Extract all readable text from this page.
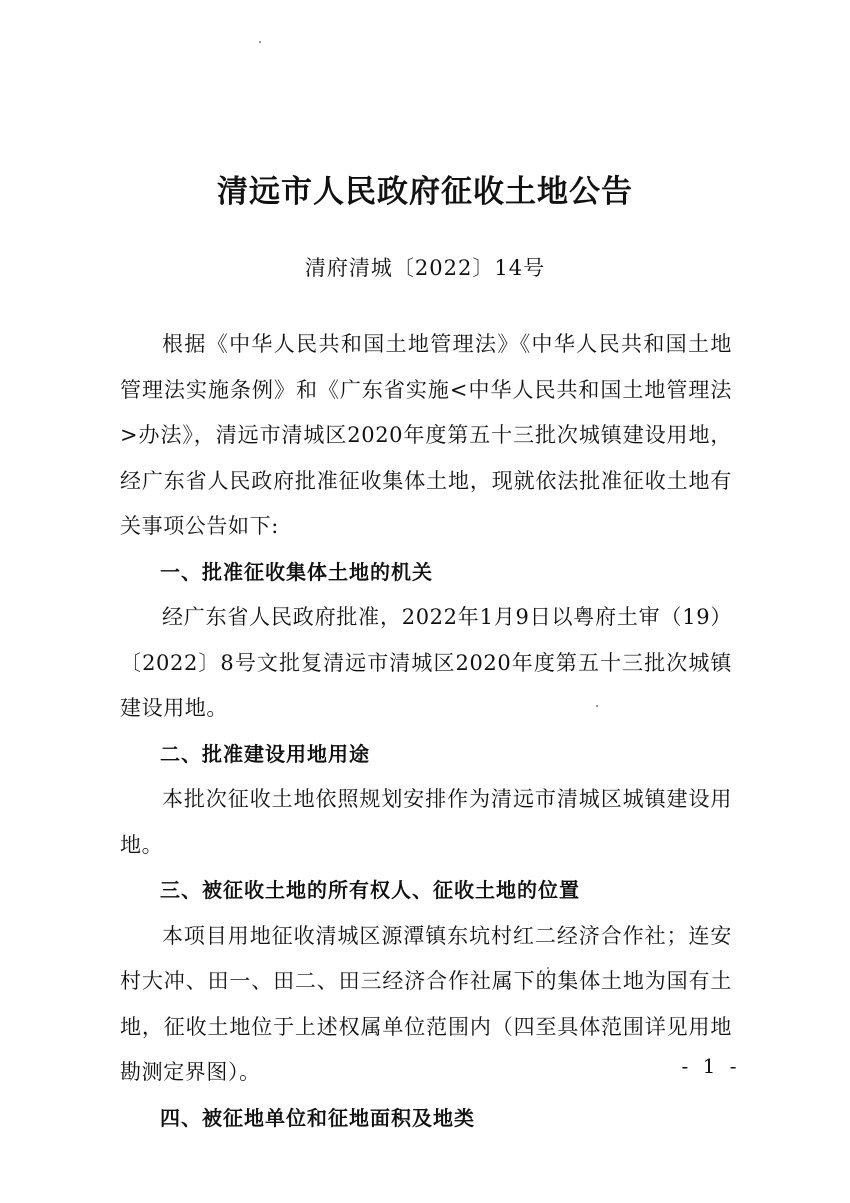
清远市人民政府征收土地公告
清府清城〔2022〕14号

根据《中华人民共和国土地管理法》《中华人民共和国土地管理法实施条例》和《广东省实施<中华人民共和国土地管理法>办法》，清远市清城区2020年度第五十三批次城镇建设用地，经广东省人民政府批准征收集体土地，现就依法批准征收土地有关事项公告如下:

一、批准征收集体土地的机关

经广东省人民政府批准，2022年1月9日以粤府土审（19）〔2022〕8号文批复清远市清城区2020年度第五十三批次城镇建设用地。

二、批准建设用地用途

本批次征收土地依照规划安排作为清远市清城区城镇建设用地。

三、被征收土地的所有权人、征收土地的位置

本项目用地征收清城区源潭镇东坑村红二经济合作社；连安村大冲、田一、田二、田三经济合作社属下的集体土地为国有土地，征收土地位于上述权属单位范围内（四至具体范围详见用地勘测定界图）。

四、被征地单位和征地面积及地类

- 1 -
